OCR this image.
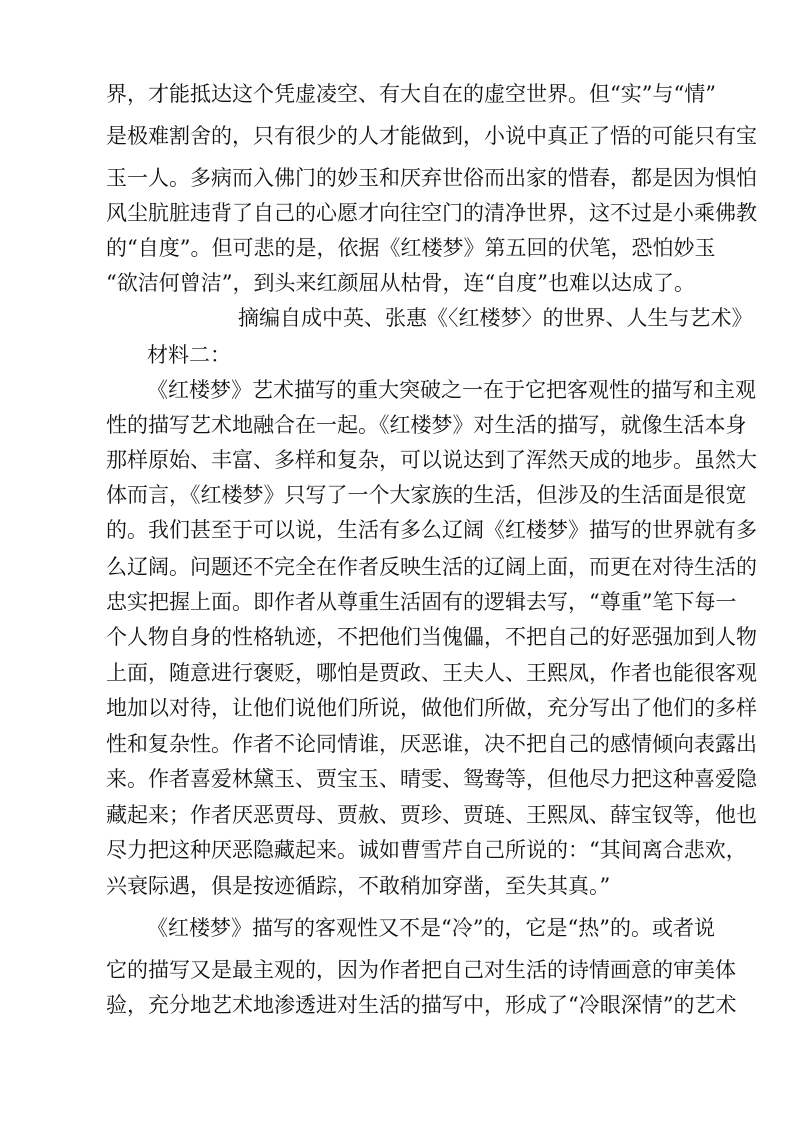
界，才能抵达这个凭虚凌空、有大自在的虚空世界。但“实”与“情”
是极难割舍的，只有很少的人才能做到，小说中真正了悟的可能只有宝
玉一人。多病而入佛门的妙玉和厌弃世俗而出家的惜春，都是因为惧怕
风尘肮脏违背了自己的心愿才向往空门的清净世界，这不过是小乘佛教
的“自度”。但可悲的是，依据《红楼梦》第五回的伏笔，恐怕妙玉
“欲洁何曾洁”，到头来红颜屈从枯骨，连“自度”也难以达成了。
摘编自成中英、张惠《〈红楼梦〉的世界、人生与艺术》
材料二：
《红楼梦》艺术描写的重大突破之一在于它把客观性的描写和主观
性的描写艺术地融合在一起。《红楼梦》对生活的描写，就像生活本身
那样原始、丰富、多样和复杂，可以说达到了浑然天成的地步。虽然大
体而言，《红楼梦》只写了一个大家族的生活，但涉及的生活面是很宽
的。我们甚至于可以说，生活有多么辽阔《红楼梦》描写的世界就有多
么辽阔。问题还不完全在作者反映生活的辽阔上面，而更在对待生活的
忠实把握上面。即作者从尊重生活固有的逻辑去写，“尊重”笔下每一
个人物自身的性格轨迹，不把他们当傀儡，不把自己的好恶强加到人物
上面，随意进行褒贬，哪怕是贾政、王夫人、王熙凤，作者也能很客观
地加以对待，让他们说他们所说，做他们所做，充分写出了他们的多样
性和复杂性。作者不论同情谁，厌恶谁，决不把自己的感情倾向表露出
来。作者喜爱林黛玉、贾宝玉、晴雯、鸳鸯等，但他尽力把这种喜爱隐
藏起来；作者厌恶贾母、贾赦、贾珍、贾琏、王熙凤、薛宝钗等，他也
尽力把这种厌恶隐藏起来。诚如曹雪芹自己所说的：“其间离合悲欢，
兴衰际遇，俱是按迹循踪，不敢稍加穿凿，至失其真。”
《红楼梦》描写的客观性又不是“冷”的，它是“热”的。或者说
它的描写又是最主观的，因为作者把自己对生活的诗情画意的审美体
验，充分地艺术地渗透进对生活的描写中，形成了“冷眼深情”的艺术
